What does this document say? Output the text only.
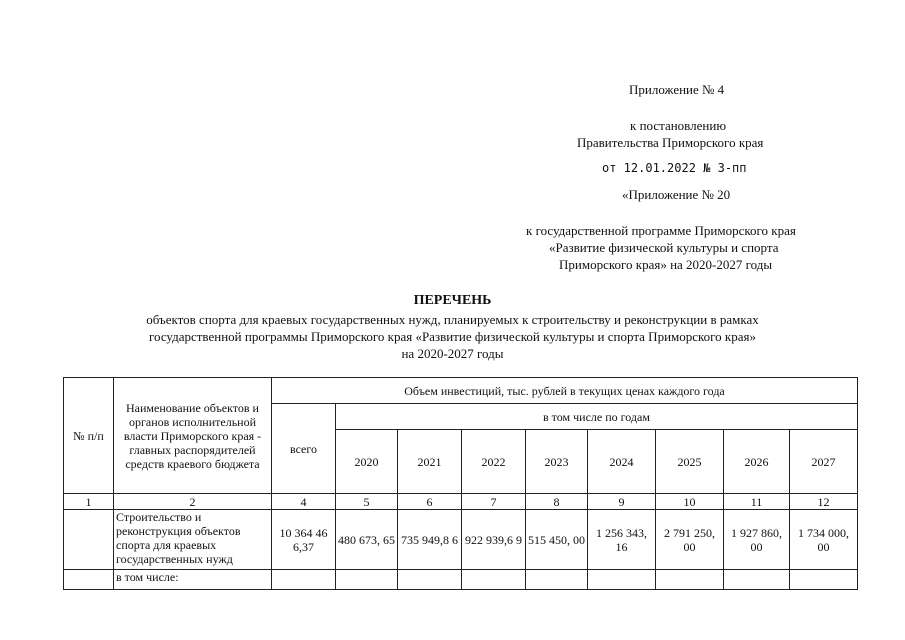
Приложение № 4
к постановлению
Правительства Приморского края
от 12.01.2022 № 3-пп
«Приложение № 20
к государственной программе Приморского края
«Развитие физической культуры и спорта
Приморского края» на 2020-2027 годы
ПЕРЕЧЕНЬ
объектов спорта для краевых государственных нужд, планируемых к строительству и реконструкции в рамках
государственной программы Приморского края «Развитие физической культуры и спорта Приморского края»
на 2020-2027 годы
№ п/п	Наименование объектов и органов исполнительной власти Приморского края - главных распорядителей средств краевого бюджета	Объем инвестиций, тыс. рублей в текущих ценах каждого года								
		всего	в том числе по годам							
			2020	2021	2022	2023	2024	2025	2026	2027
1	2	4	5	6	7	8	9	10	11	12
	Строительство и реконструкция объектов спорта для краевых государственных нужд	10 364 46 6,37	480 673, 65	735 949,8 6	922 939,6 9	515 450, 00	1 256 343, 16	2 791 250, 00	1 927 860, 00	1 734 000, 00
	в том числе:									
